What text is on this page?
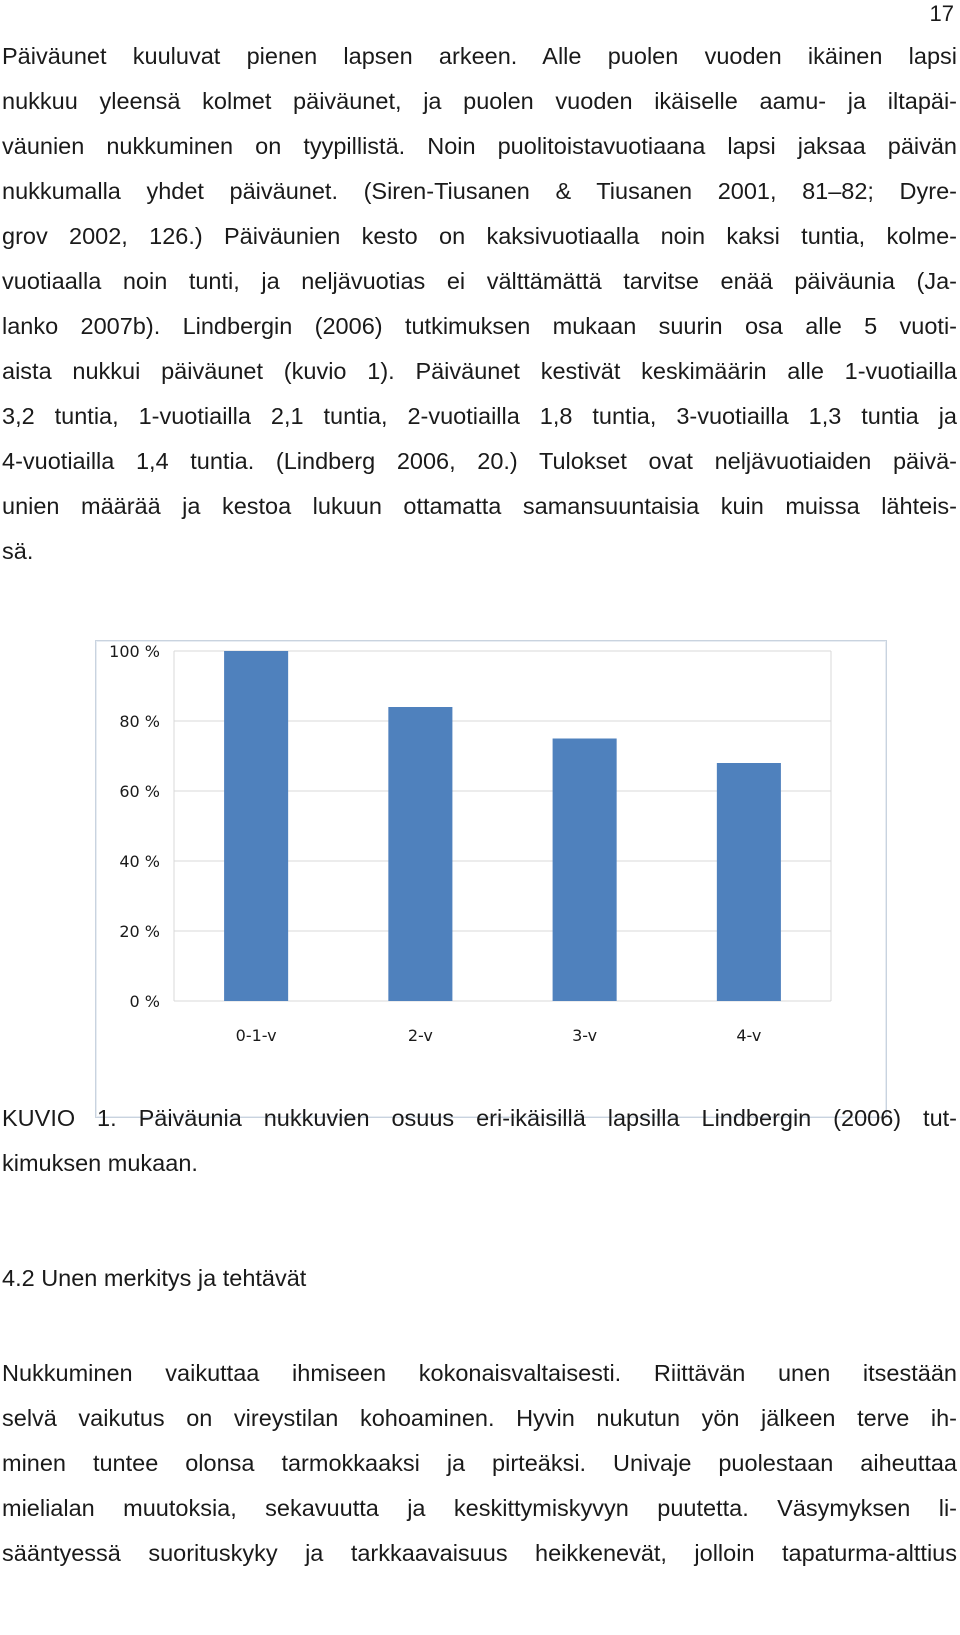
17
Päiväunet kuuluvat pienen lapsen arkeen. Alle puolen vuoden ikäinen lapsi
nukkuu yleensä kolmet päiväunet, ja puolen vuoden ikäiselle aamu- ja iltapäi-
väunien nukkuminen on tyypillistä. Noin puolitoistavuotiaana lapsi jaksaa päivän
nukkumalla yhdet päiväunet. (Siren-Tiusanen & Tiusanen 2001, 81–82; Dyre-
grov 2002, 126.) Päiväunien kesto on kaksivuotiaalla noin kaksi tuntia, kolme-
vuotiaalla noin tunti, ja neljävuotias ei välttämättä tarvitse enää päiväunia (Ja-
lanko 2007b). Lindbergin (2006) tutkimuksen mukaan suurin osa alle 5 vuoti-
aista nukkui päiväunet (kuvio 1). Päiväunet kestivät keskimäärin alle 1-vuotiailla
3,2 tuntia, 1-vuotiailla 2,1 tuntia, 2-vuotiailla 1,8 tuntia, 3-vuotiailla 1,3 tuntia ja
4-vuotiailla 1,4 tuntia. (Lindberg 2006, 20.) Tulokset ovat neljävuotiaiden päivä-
unien määrää ja kestoa lukuun ottamatta samansuuntaisia kuin muissa lähteis-
sä.
0 %
20 %
40 %
60 %
80 %
100 %
0-1-v	2-v	3-v	4-v
KUVIO 1. Päiväunia nukkuvien osuus eri-ikäisillä lapsilla Lindbergin (2006) tut-
kimuksen mukaan.
4.2 Unen merkitys ja tehtävät
Nukkuminen vaikuttaa ihmiseen kokonaisvaltaisesti. Riittävän unen itsestään
selvä vaikutus on vireystilan kohoaminen. Hyvin nukutun yön jälkeen terve ih-
minen tuntee olonsa tarmokkaaksi ja pirteäksi. Univaje puolestaan aiheuttaa
mielialan muutoksia, sekavuutta ja keskittymiskyvyn puutetta. Väsymyksen li-
sääntyessä suorituskyky ja tarkkaavaisuus heikkenevät, jolloin tapaturma-alttius
